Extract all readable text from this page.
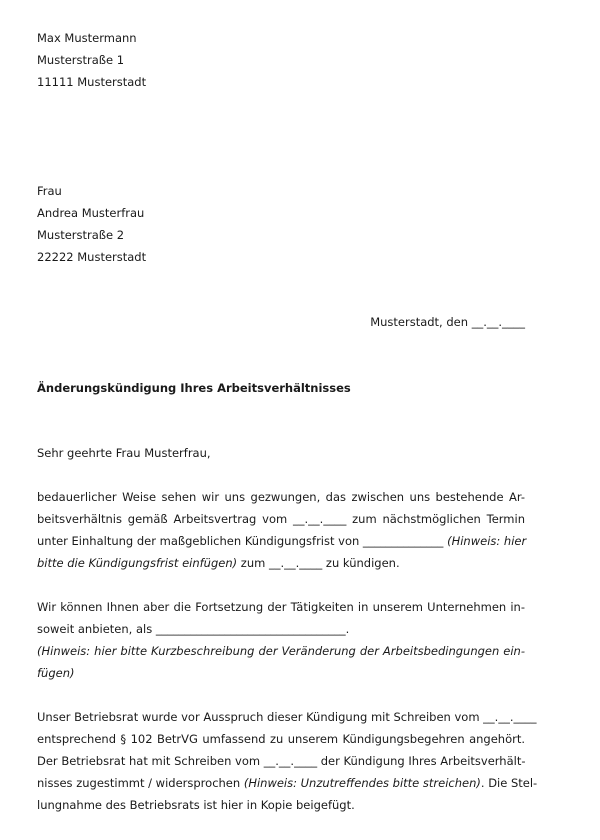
Max Mustermann
Musterstraße 1
11111 Musterstadt
Frau
Andrea Musterfrau
Musterstraße 2
22222 Musterstadt
Musterstadt, den __.__.____
Änderungskündigung Ihres Arbeitsverhältnisses
Sehr geehrte Frau Musterfrau,
bedauerlicher Weise sehen wir uns gezwungen, das zwischen uns bestehende Ar-
beitsverhältnis gemäß Arbeitsvertrag vom __.__.____ zum nächstmöglichen Termin
unter Einhaltung der maßgeblichen Kündigungsfrist von ______________ (Hinweis: hier
bitte die Kündigungsfrist einfügen) zum __.__.____ zu kündigen.
Wir können Ihnen aber die Fortsetzung der Tätigkeiten in unserem Unternehmen in-
soweit anbieten, als _________________________________.
(Hinweis: hier bitte Kurzbeschreibung der Veränderung der Arbeitsbedingungen ein-
fügen)
Unser Betriebsrat wurde vor Ausspruch dieser Kündigung mit Schreiben vom __.__.____
entsprechend § 102 BetrVG umfassend zu unserem Kündigungsbegehren angehört.
Der Betriebsrat hat mit Schreiben vom __.__.____ der Kündigung Ihres Arbeitsverhält-
nisses zugestimmt / widersprochen (Hinweis: Unzutreffendes bitte streichen). Die Stel-
lungnahme des Betriebsrats ist hier in Kopie beigefügt.
